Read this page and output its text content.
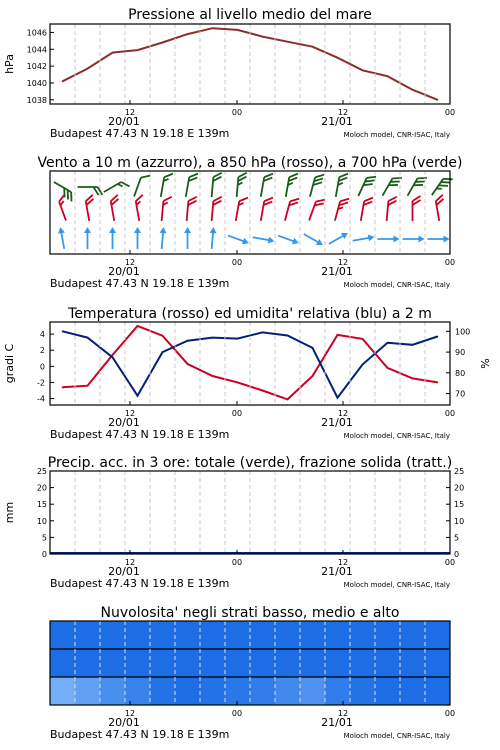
Pressione al livello medio del mare
1038
1040
1042
1044
1046
hPa
12	00	12	00
20/01	21/01
Budapest 47.43 N 19.18 E 139m	Moloch model, CNR-ISAC, Italy
Vento a 10 m (azzurro), a 850 hPa (rosso), a 700 hPa (verde)
12	00	12	00
20/01	21/01
Budapest 47.43 N 19.18 E 139m	Moloch model, CNR-ISAC, Italy
Temperatura (rosso) ed umidita' relativa (blu) a 2 m
4
2
0
-2
-4
100
90
80
70
gradi C	%
12	00	12	00
20/01	21/01
Budapest 47.43 N 19.18 E 139m	Moloch model, CNR-ISAC, Italy
Precip. acc. in 3 ore: totale (verde), frazione solida (tratt.)
0	0
5	5
10	10
15	15
20	20
25	25
mm
12	00	12	00
20/01	21/01
Budapest 47.43 N 19.18 E 139m	Moloch model, CNR-ISAC, Italy
Nuvolosita' negli strati basso, medio e alto
12	00	12	00
20/01	21/01
Budapest 47.43 N 19.18 E 139m	Moloch model, CNR-ISAC, Italy
